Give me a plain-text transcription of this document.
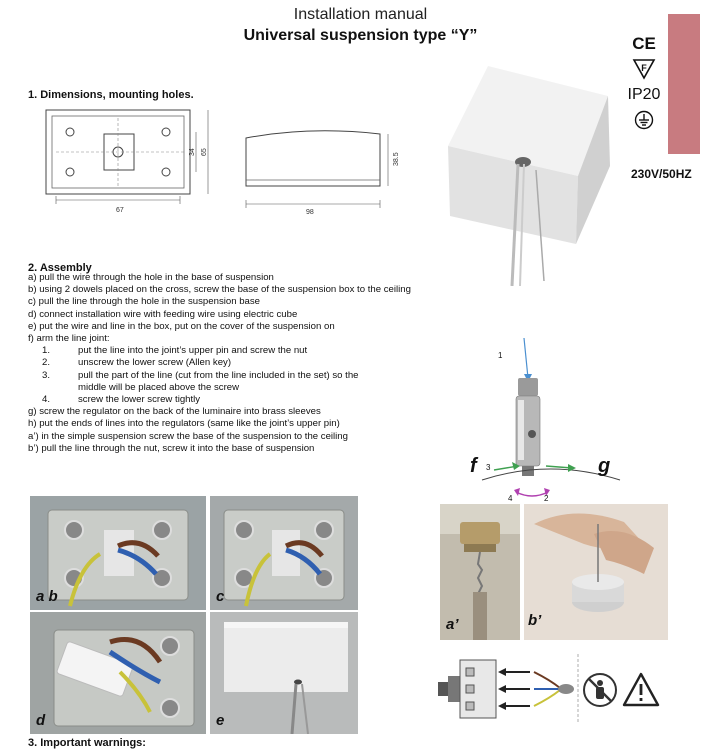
Installation manual
Universal suspension type “Y”	CE
F
IP20
230V/50HZ
1. Dimensions, mounting holes.
67
34 65
38.5
98
2. Assembly
a) pull the wire through the hole in the base of suspension
b) using 2 dowels placed on the cross, screw the base of the suspension box to the ceiling
c) pull the line through the hole in the suspension base
d) connect installation wire with feeding wire using electric cube
e) put the wire and line in the box, put on the cover of the suspension on
f) arm the line joint:
1.	put the line into the joint’s upper pin and screw the nut
2.	unscrew the lower screw (Allen key)
3.	pull the part of the line (cut from the line included in the set) so the
middle will be placed above the screw
4.	screw the lower screw tightly
g) screw the regulator on the back of the luminaire into brass sleeves
h) put the ends of lines into the regulators (same like the joint’s upper pin)
a’) in the simple suspension screw the base of the suspension to the ceiling
b’) pull the line through the nut, screw it into the base of suspension
1
2
3
4
f	g
a b	c
d	e
a’	b’
3. Important warnings:
